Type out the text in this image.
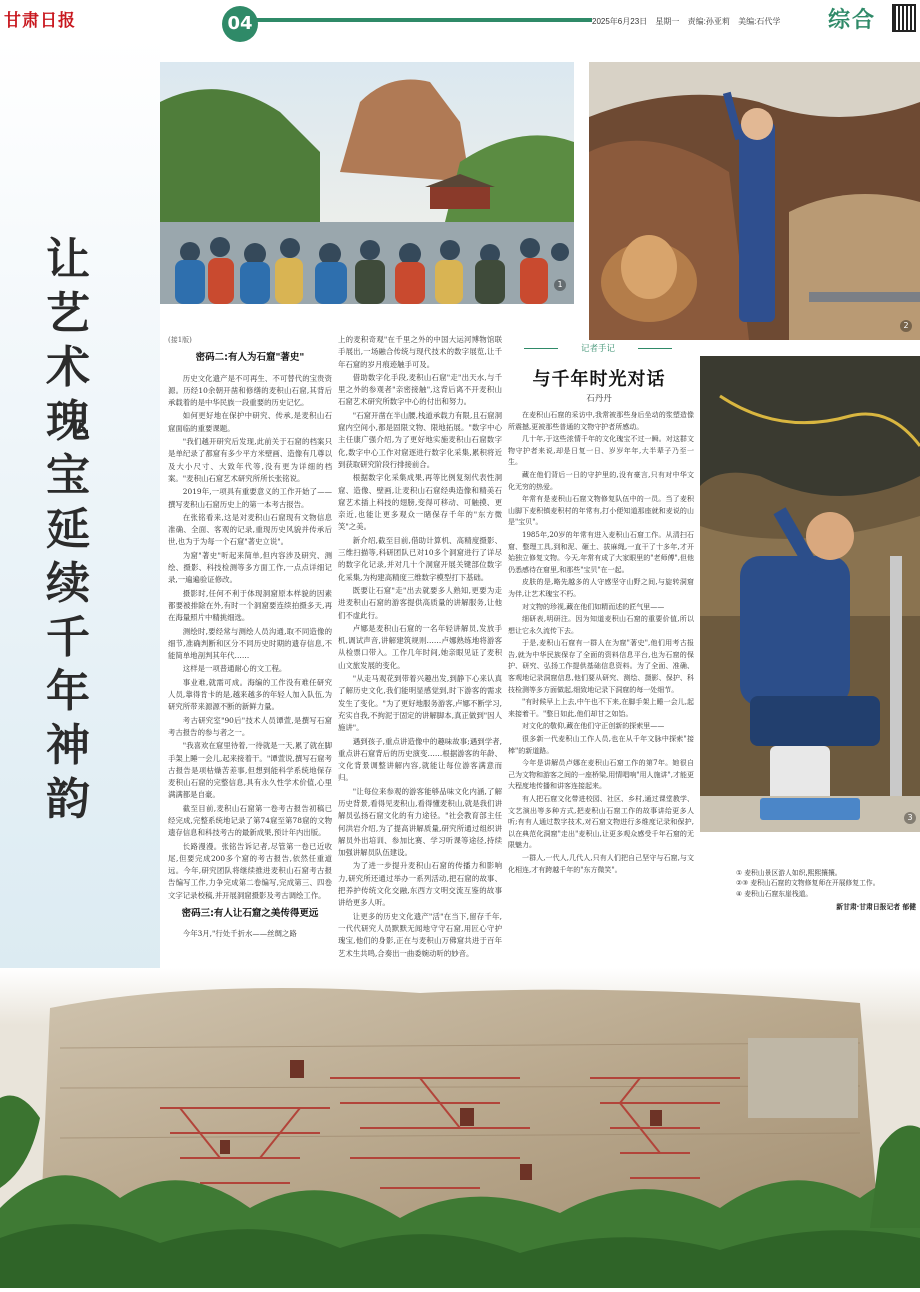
甘肃日报	04	2025年6月23日 星期一 责编:孙亚莉 美编:石代学 综合
让艺术瑰宝延续千年神韵
1
2
3

(接1版)

密码二:有人为石窟"著史"

历史文化遗产是不可再生、不可替代的宝贵资源。历经10余朝开凿和修缮的麦积山石窟,其背后承载着的是中华民族一段重要的历史记忆。

如何更好地在保护中研究、传承,是麦积山石窟面临的重要课题。

"我们越开研究后发现,此前关于石窟的档案只是单纪录了都窟有多少平方米壁画、造像有几尊以及大小尺寸、大致年代等,没有更为详细的档案。"麦积山石窟艺术研究所所长张铭说。

2019年,一项具有重要意义的工作开始了——撰写麦积山石窟历史上的第一本考古报告。

在张铭看来,这是对麦积山石窟现有文物信息准确、全面、客观的记录,重现历史风貌并传承后世,也为于为每一个石窟"著史立说"。

为窟"著史"听起来简单,但内容涉及研究、测绘、摄影、科技检测等多方面工作,一点点详细记录,一遍遍验证修改。

摄影时,任何不利于体现洞窟原本样貌的因素都要被排除在外,有时一个洞窟要连续拍摄多天,再在海量照片中精挑细选。

测绘时,要经常与测绘人员沟通,取不同造像的细节,准确判断和区分不同历史时期的遗存信息,不能简单地剖判其年代……

这样是一项普通耐心的文工程。

事业难,就需可成。海编的工作没有难任研究人员,靠得肯卡的是,越来越多的年轻人加入队伍,为研究所带来源源不断的新鲜力量。

考古研究室"90后"技术人员谭萱,是撰写石窟考古报告的参与者之一。

"我喜欢在窟里待着,一待就是一天,累了就在脚手架上睡一会儿,起来接着干。"谭萱说,撰写石窟考古报告是项枯燥苦差事,但想到能科学系统地保存麦积山石窟的完整信息,具有永久性学术价值,心里满满都是自豪。

截至目前,麦积山石窟第一卷考古报告初稿已经完成,完整系统地记录了第74窟至第78窟的文物遗存信息和科技考古的最新成果,预计年内出版。

长路漫漫。张铭告诉记者,尽管第一卷已近收尾,但要完成200多个窟的考古报告,依然任重道远。今年,研究团队将继续推进麦积山石窟考古报告编写工作,力争完成第二卷编写,完成第三、四卷文字记录校稿,并开展洞窟摄影及考古调绘工作。

密码三:有人让石窟之美传得更远

今年3月,"行处千折水——丝绸之路

上的麦积奇观"在千里之外的中国大运河博物馆联手展出,一场融合传统与现代技术的数字展览,让千年石窟的岁月痕迹触手可及。

借助数字化手段,麦积山石窟"走"出天水,与千里之外的参观者"亲密接触",这背后离不开麦积山石窟艺术研究所数字中心的付出和努力。

"石窟开凿在半山腰,栈道承载力有限,且石窟洞窟内空间小,都是固限文物、限地拓展。"数字中心主任康广强介绍,为了更好地实施麦积山石窟数字化,数字中心工作对窟逐进行数字化采集,累积将近到获取研究阶段行排接前合。

根据数字化采集成果,再等比例复刻代表性洞窟、造像、壁画,让麦积山石窟经典造像和精美石窟艺术插上科技的翅膀,变得可移动、可触摸、更亲近,也能让更多观众一睹保存千年的"东方微笑"之美。

新介绍,截至目前,借助计算机、高精度摄影、三维扫描等,科研团队已对10多个洞窟进行了详尽的数字化记录,并对几十个洞窟开展关键部位数字化采集,为构建高精度三维数字模型打下基础。

既要让石窟"走"出去就要多人熟知,更要为走进麦积山石窟的游客提供高质量的讲解服务,让他们不虚此行。

卢娜是麦积山石窟的一名年轻讲解员,发放手机,调试声音,讲解建筑规则……卢娜熟练地将游客从检票口带入。工作几年时间,她亲眼见证了麦积山文旅发展的变化。

"从走马观花到带着兴趣出发,到静下心来认真了解历史文化,我们能明显感觉到,时下游客的需求发生了变化。"为了更好地服务游客,卢娜不断学习,充实自我,不拘泥于固定的讲解脚本,真正做到"因人施讲"。

遇到孩子,重点讲造像中的趣味故事;遇到学者,重点讲石窟背后的历史演变……根据游客的年龄、文化背景调整讲解内容,就能让每位游客满意而归。

"让每位来参观的游客能够品味文化内涵,了解历史背景,看得见麦积山,看得懂麦积山,就是我们讲解员弘扬石窟文化的有力途径。"社会教育部主任何洪岩介绍,为了提高讲解质量,研究所通过组织讲解员外出培训、参加比赛、学习听课等途径,持续加强讲解员队伍建设。

为了进一步提升麦积山石窟的传播力和影响力,研究所还通过举办一系列活动,把石窟的故事、把养护传统文化交融,东西方文明交流互鉴的故事讲给更多人听。

让更多的历史文化遗产"活"在当下,留存千年,一代代研究人员默默无闻地守守石窟,用匠心守护瑰宝,他们的身影,正在与麦积山万佛窟共进于百年艺术生共鸣,合奏出一曲委婉动听的妙音。

记者手记
与千年时光对话
石丹丹

在麦积山石窟的采访中,我常被那些身后坐动的浆塑造像所震撼,更被那些普通的文物守护者所感动。

几十年,于这些浓情千年的文化瑰宝不过一瞬。对这群文物守护者来说,却是日复一日、岁岁年年,大半辈子乃至一生。

藏在他们背后一日的守护里的,没有豪言,只有对中华文化无穷的热爱。

年常有是麦积山石窟文物修复队伍中的一员。当了麦积山脚下麦积镇麦积村的年常有,打小便知道那座就和麦说的山是"宝贝"。

1985年,20岁的年常有进入麦积山石窟工作。从清扫石窟、整理工具,到和泥、砸土、拔麻绳,一直干了十多年,才开始独立修复文物。今天,年常有成了大家眼里的"老师傅",但他仍悉感待在窟里,和那些"宝贝"在一起。

皮肤的是,略先越多的人守感坚守山野之间,与旋转洞窟为伴,让艺术瑰宝不朽。

对文物的珍视,藏在他们如精而述的匠气里——

细研表,明研注。因为知道麦积山石窟的重要价值,所以想让它永久流传下去。

于是,麦积山石窟有一群人在为窟"著史",他们用考古报告,就为中华民族保存了全面的资料信息平台,也为石窟的保护、研究、弘扬工作提供基础信息资料。为了全面、准确、客观地记录洞窟信息,他们要从研究、测绘、摄影、保护、科技检测等多方面做起,细致地记录下洞窟的每一处细节。

"有时候早上上去,中午也不下来,在脚手架上睡一会儿,起来接着干。"整日如此,他们却甘之如饴。

对文化的敬仰,藏在他们守正创新的探索里——

很多新一代麦积山工作人员,也在从千年文脉中探索"接棒"的新道路。

今年是讲解员卢娜在麦积山石窟工作的第7年。她很自己为文物和游客之间的一座桥梁,用情唱响"用人施讲",才能更大程度地传播和讲客连接起来。

有人把石窟文化带进校园、社区、乡村,通过课堂教学、文艺演出等多种方式,把麦积山石窟工作的故事讲给更多人听;有有人通过数字技术,对石窟文物进行多维度记录和保护,以在典范化洞窟"走出"麦积山,让更多观众感受千年石窟的无限魅力。

一群人,一代人,几代人,只有人们把自己坚守与石窟,与文化相连,才有跨越千年的"东方微笑"。	① 麦积山景区游人如织,熙熙攘攘。
②③ 麦积山石窟的文物修复师在开展修复工作。
④ 麦积山石窟东崖栈道。
新甘肃·甘肃日报记者 郁健
